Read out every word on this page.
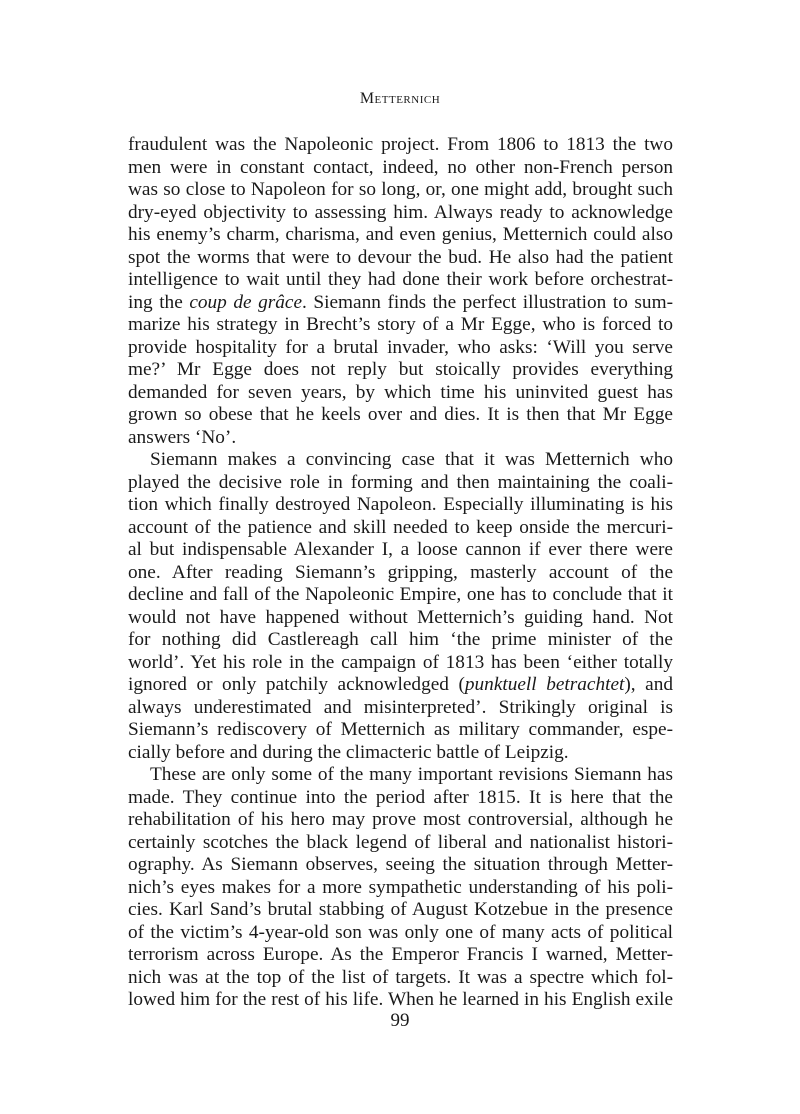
Metternich
fraudulent was the Napoleonic project. From 1806 to 1813 the two
men were in constant contact, indeed, no other non-French person
was so close to Napoleon for so long, or, one might add, brought such
dry-eyed objectivity to assessing him. Always ready to acknowledge
his enemy’s charm, charisma, and even genius, Metternich could also
spot the worms that were to devour the bud. He also had the patient
intelligence to wait until they had done their work before orchestrat-
ing the coup de grâce. Siemann finds the perfect illustration to sum-
marize his strategy in Brecht’s story of a Mr Egge, who is forced to
provide hospitality for a brutal invader, who asks: ‘Will you serve
me?’ Mr Egge does not reply but stoically provides everything
demanded for seven years, by which time his uninvited guest has
grown so obese that he keels over and dies. It is then that Mr Egge
answers ‘No’.
Siemann makes a convincing case that it was Metternich who
played the decisive role in forming and then maintaining the coali-
tion which finally destroyed Napoleon. Especially illuminating is his
account of the patience and skill needed to keep onside the mercuri-
al but indispensable Alexander I, a loose cannon if ever there were
one. After reading Siemann’s gripping, masterly account of the
decline and fall of the Napoleonic Empire, one has to conclude that it
would not have happened without Metternich’s guiding hand. Not
for nothing did Castlereagh call him ‘the prime minister of the
world’. Yet his role in the campaign of 1813 has been ‘either totally
ignored or only patchily acknowledged (punktuell betrachtet), and
always underestimated and misinterpreted’. Strikingly original is
Siemann’s rediscovery of Metternich as military commander, espe-
cially before and during the climacteric battle of Leipzig.
These are only some of the many important revisions Siemann has
made. They continue into the period after 1815. It is here that the
rehabilitation of his hero may prove most controversial, although he
certainly scotches the black legend of liberal and nationalist histori-
ography. As Siemann observes, seeing the situation through Metter-
nich’s eyes makes for a more sympathetic understanding of his poli-
cies. Karl Sand’s brutal stabbing of August Kotzebue in the presence
of the victim’s 4-year-old son was only one of many acts of political
terrorism across Europe. As the Emperor Francis I warned, Metter-
nich was at the top of the list of targets. It was a spectre which fol-
lowed him for the rest of his life. When he learned in his English exile
99
